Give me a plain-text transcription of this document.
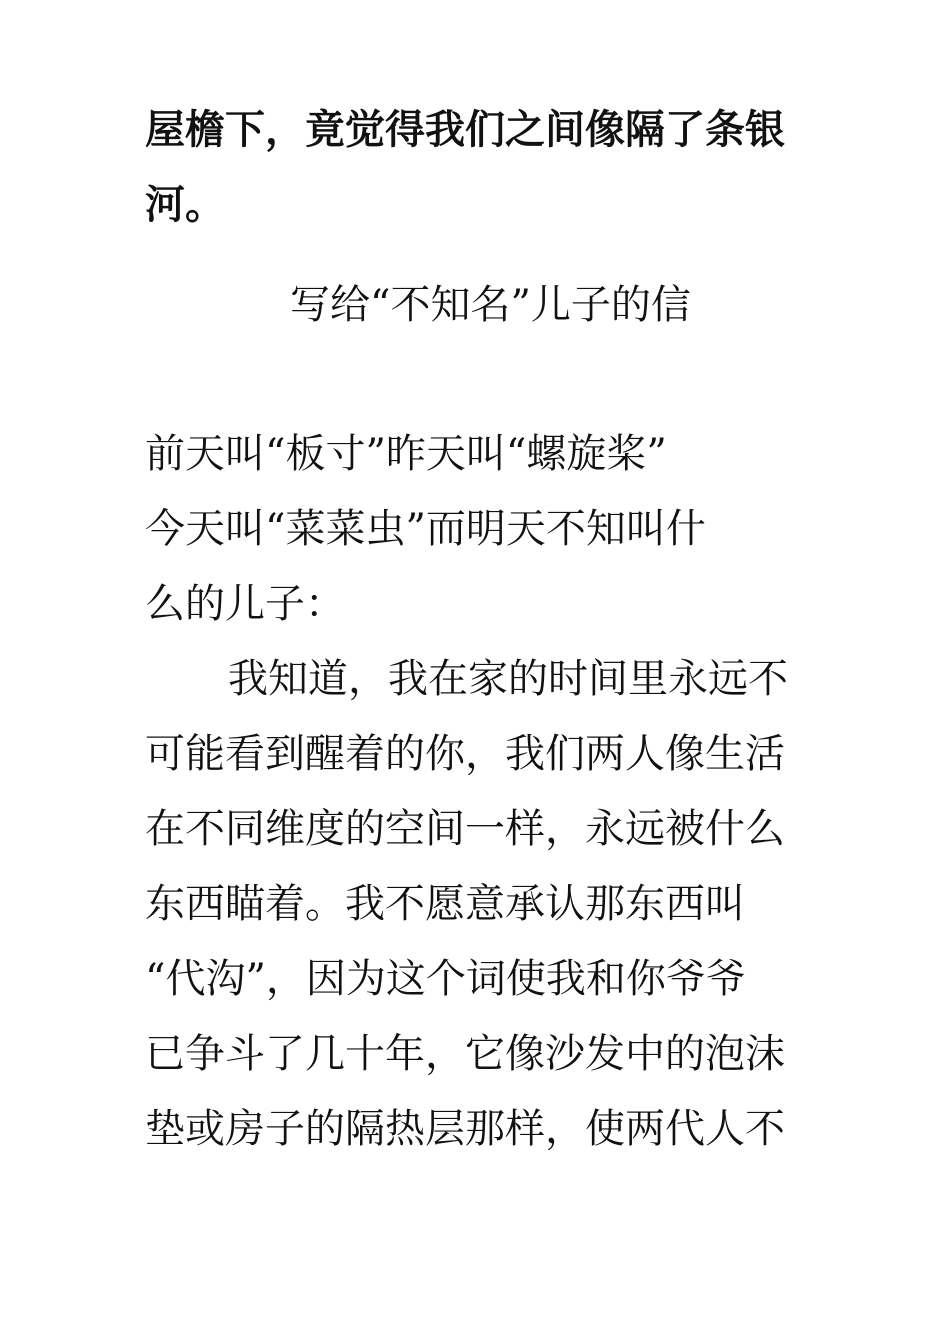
屋檐下，竟觉得我们之间像隔了条银
河。
写给“不知名”儿子的信
前天叫“板寸”昨天叫“螺旋桨”
今天叫“菜菜虫”而明天不知叫什
么的儿子：
我知道，我在家的时间里永远不
可能看到醒着的你，我们两人像生活
在不同维度的空间一样，永远被什么
东西瞄着。我不愿意承认那东西叫
“代沟”，因为这个词使我和你爷爷
已争斗了几十年，它像沙发中的泡沫
垫或房子的隔热层那样，使两代人不
